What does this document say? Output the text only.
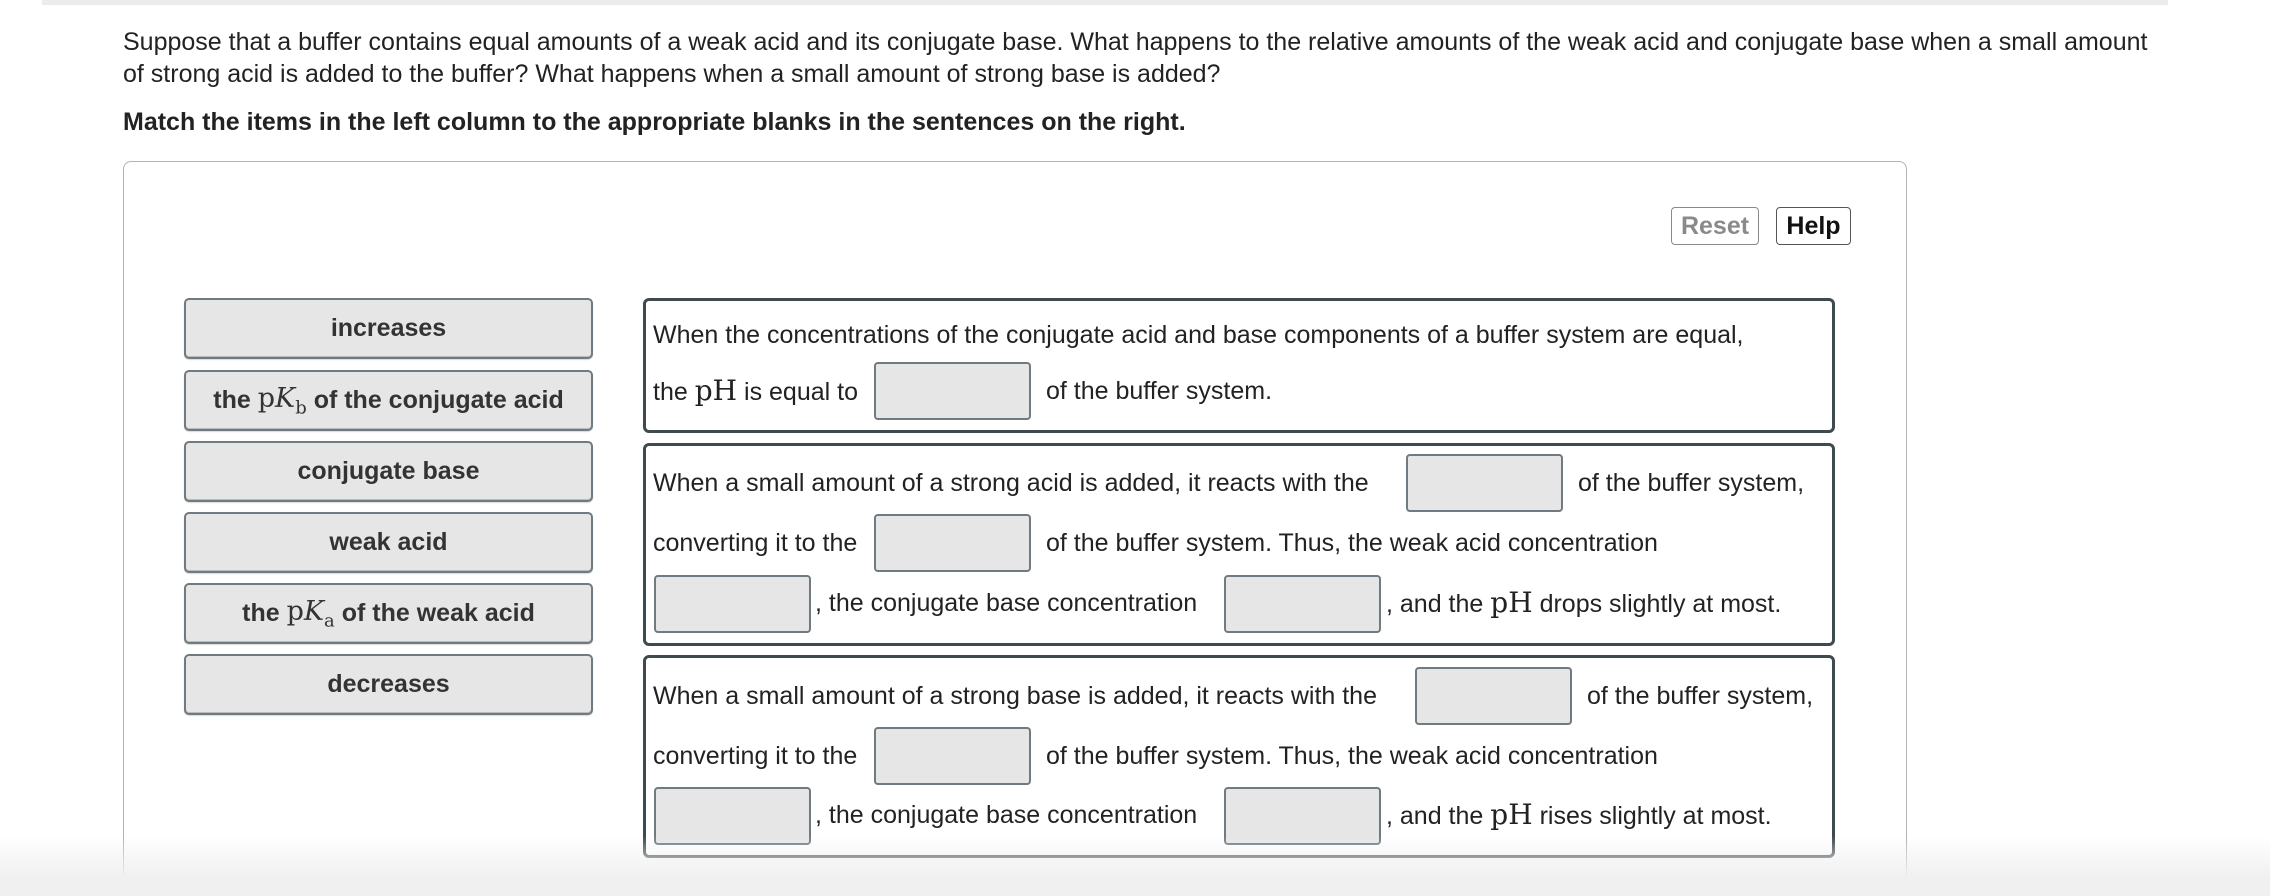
Suppose that a buffer contains equal amounts of a weak acid and its conjugate base. What happens to the relative amounts of the weak acid and conjugate base when a small amount of strong acid is added to the buffer? What happens when a small amount of strong base is added?
Match the items in the left column to the appropriate blanks in the sentences on the right.
Reset	Help
increases
the
$pK_b$
of the conjugate acid
conjugate base
weak acid
the
$pK_a$
of the weak acid
decreases
When the concentrations of the conjugate acid and base components of a buffer system are equal,
the pH is equal to	of the buffer system.
When a small amount of a strong acid is added, it reacts with the	of the buffer system,
converting it to the	of the buffer system. Thus, the weak acid concentration
, the conjugate base concentration	, and the pH drops slightly at most.
When a small amount of a strong base is added, it reacts with the	of the buffer system,
converting it to the	of the buffer system. Thus, the weak acid concentration
, the conjugate base concentration	, and the pH rises slightly at most.
